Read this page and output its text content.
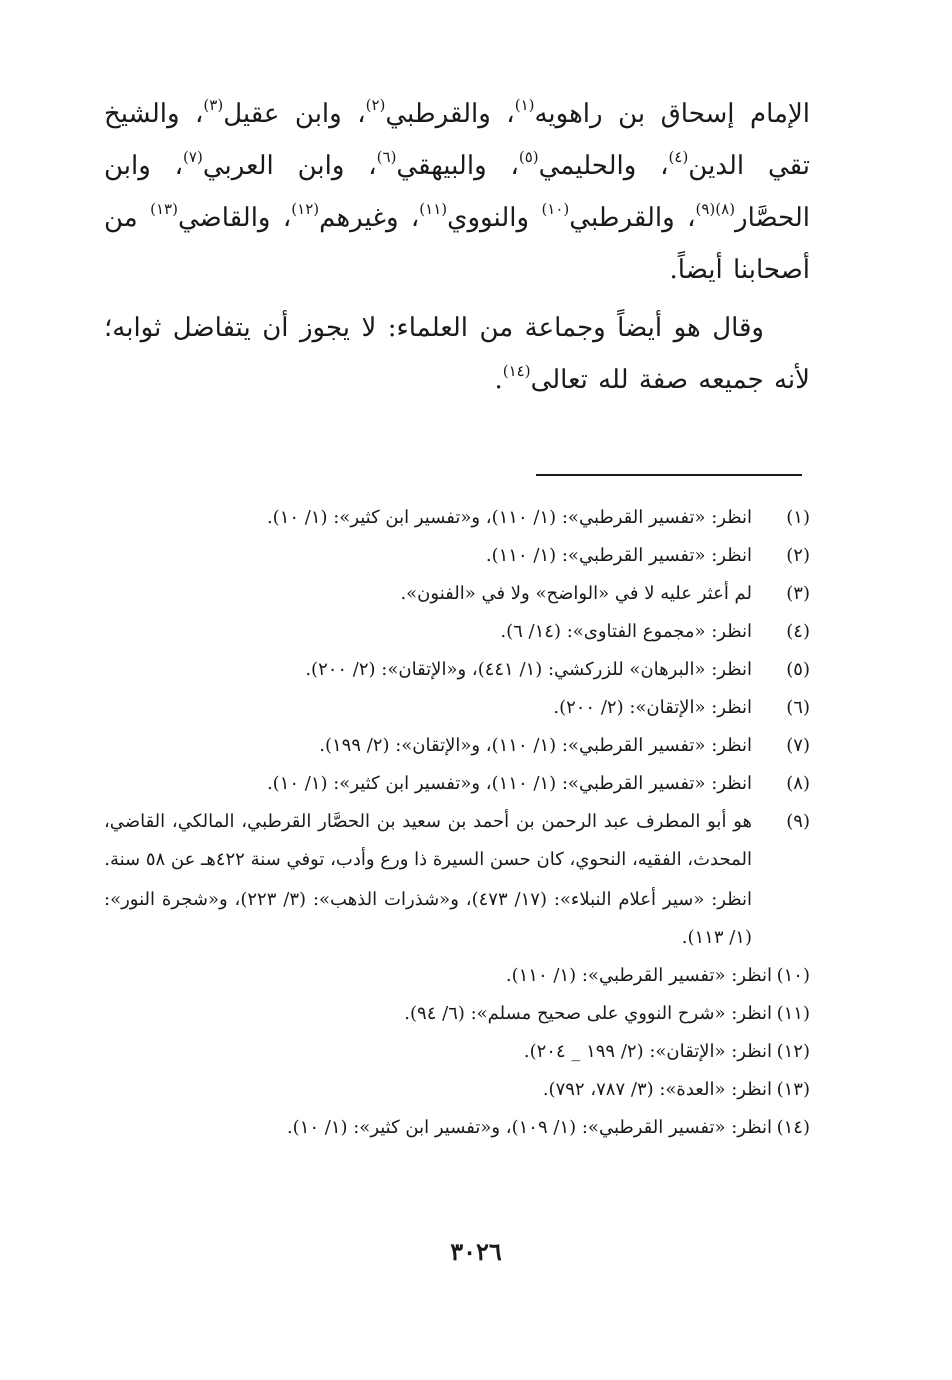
الإمام إسحاق بن راهويه$^{(١)}$، والقرطبي$^{(٢)}$، وابن عقيل$^{(٣)}$، والشيخ تقي الدين$^{(٤)}$، والحليمي$^{(٥)}$، والبيهقي$^{(٦)}$، وابن العربي$^{(٧)}$، وابن الحصَّار$^{(٨)(٩)}$، والقرطبي$^{(١٠)}$ والنووي$^{(١١)}$، وغيرهم$^{(١٢)}$، والقاضي$^{(١٣)}$ من أصحابنا أيضاً.

وقال هو أيضاً وجماعة من العلماء: لا يجوز أن يتفاضل ثوابه؛ لأنه جميعه صفة لله تعالى$^{(١٤)}$.

(١)

انظر: «تفسير القرطبي»: (١/ ١١٠)، و«تفسير ابن كثير»: (١/ ١٠).

(٢)

انظر: «تفسير القرطبي»: (١/ ١١٠).

(٣)

لم أعثر عليه لا في «الواضح» ولا في «الفنون».

(٤)

انظر: «مجموع الفتاوى»: (١٤/ ٦).

(٥)

انظر: «البرهان» للزركشي: (١/ ٤٤١)، و«الإتقان»: (٢/ ٢٠٠).

(٦)

انظر: «الإتقان»: (٢/ ٢٠٠).

(٧)

انظر: «تفسير القرطبي»: (١/ ١١٠)، و«الإتقان»: (٢/ ١٩٩).

(٨)

انظر: «تفسير القرطبي»: (١/ ١١٠)، و«تفسير ابن كثير»: (١/ ١٠).

(٩)

هو أبو المطرف عبد الرحمن بن أحمد بن سعيد بن الحصَّار القرطبي، المالكي، القاضي، المحدث، الفقيه، النحوي، كان حسن السيرة ذا ورع وأدب، توفي سنة ٤٢٢هـ عن ٥٨ سنة.

انظر: «سير أعلام النبلاء»: (١٧/ ٤٧٣)، و«شذرات الذهب»: (٣/ ٢٢٣)، و«شجرة النور»: (١/ ١١٣).

(١٠)

انظر: «تفسير القرطبي»: (١/ ١١٠).

(١١)

انظر: «شرح النووي على صحيح مسلم»: (٦/ ٩٤).

(١٢)

انظر: «الإتقان»: (٢/ ١٩٩ _ ٢٠٤).

(١٣)

انظر: «العدة»: (٣/ ٧٨٧، ٧٩٢).

(١٤)

انظر: «تفسير القرطبي»: (١/ ١٠٩)، و«تفسير ابن كثير»: (١/ ١٠).

٣٠٢٦
